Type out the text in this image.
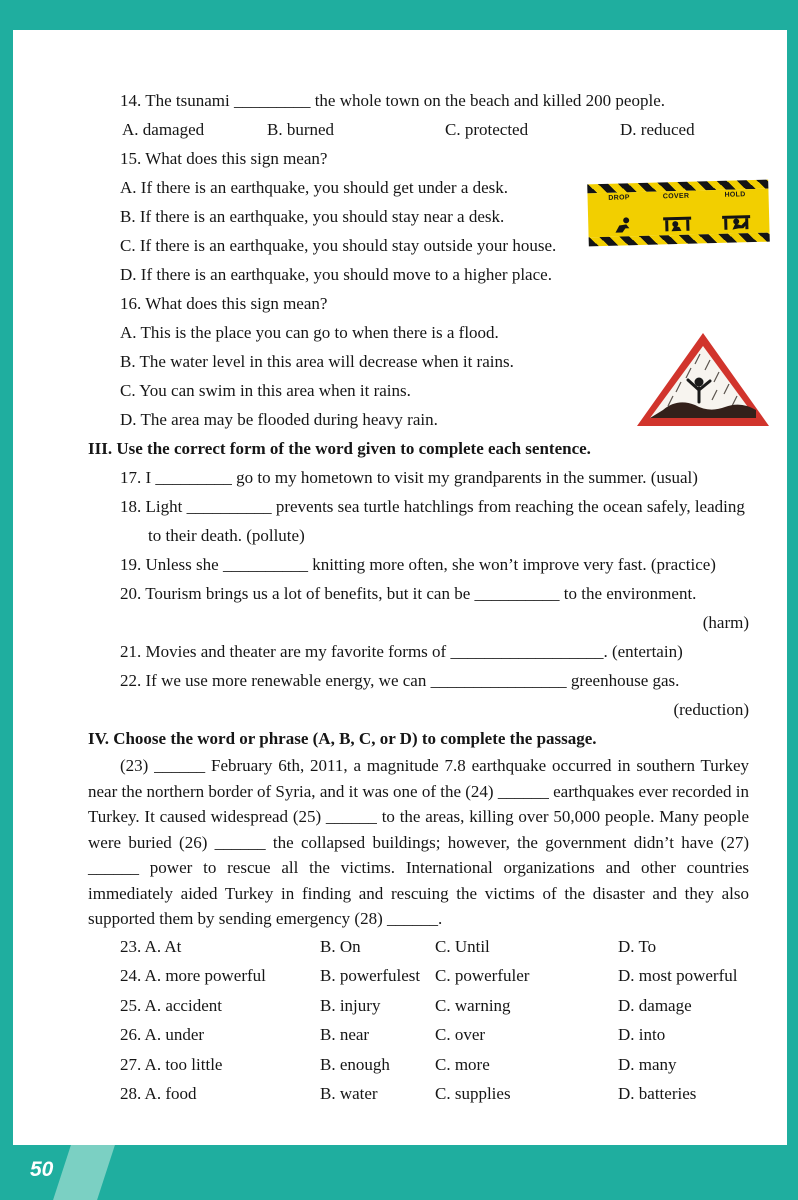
14. The tsunami _________ the whole town on the beach and killed 200 people.
A. damaged	B. burned	C. protected	D. reduced
15. What does this sign mean?
A. If there is an earthquake, you should get under a desk.
B. If there is an earthquake, you should stay near a desk.
C. If there is an earthquake, you should stay outside your house.
D. If there is an earthquake, you should move to a higher place.
16. What does this sign mean?
A. This is the place you can go to when there is a flood.
B. The water level in this area will decrease when it rains.
C. You can swim in this area when it rains.
D. The area may be flooded during heavy rain.
III. Use the correct form of the word given to complete each sentence.
17. I _________ go to my hometown to visit my grandparents in the summer. (usual)
18. Light __________ prevents sea turtle hatchlings from reaching the ocean safely, leading to their death. (pollute)
19. Unless she __________ knitting more often, she won’t improve very fast. (practice)
20. Tourism brings us a lot of benefits, but it can be __________ to the environment.
(harm)
21. Movies and theater are my favorite forms of __________________. (entertain)
22. If we use more renewable energy, we can ________________ greenhouse gas.
(reduction)
IV. Choose the word or phrase (A, B, C, or D) to complete the passage.

(23) ______ February 6th, 2011, a magnitude 7.8 earthquake occurred in southern Turkey near the northern border of Syria, and it was one of the (24) ______ earthquakes ever recorded in Turkey. It caused widespread (25) ______ to the areas, killing over 50,000 people. Many people were buried (26) ______ the collapsed buildings; however, the government didn’t have (27) ______ power to rescue all the victims. International organizations and other countries immediately aided Turkey in finding and rescuing the victims of the disaster and they also supported them by sending emergency (28) ______.

23. A. At	B. On	C. Until	D. To
24. A. more powerful	B. powerfulest C. powerfuler	D. most powerful
25. A. accident	B. injury	C. warning	D. damage
26. A. under	B. near	C. over	D. into
27. A. too little	B. enough	C. more	D. many
28. A. food	B. water	C. supplies	D. batteries
DROP	COVER	HOLD
50
